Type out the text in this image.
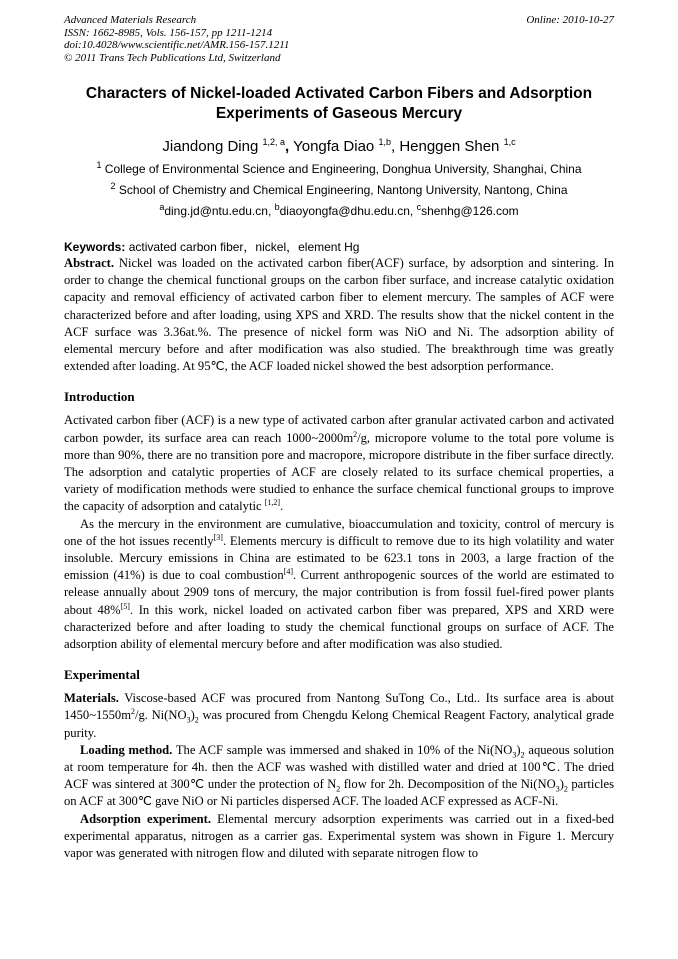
Advanced Materials Research
ISSN: 1662-8985, Vols. 156-157, pp 1211-1214
doi:10.4028/www.scientific.net/AMR.156-157.1211
© 2011 Trans Tech Publications Ltd, Switzerland
Online: 2010-10-27
Characters of Nickel-loaded Activated Carbon Fibers and Adsorption Experiments of Gaseous Mercury
Jiandong Ding $^{1,2, a}$, Yongfa Diao $^{1,b}$, Henggen Shen $^{1,c}$
$^1$ College of Environmental Science and Engineering, Donghua University, Shanghai, China
$^2$ School of Chemistry and Chemical Engineering, Nantong University, Nantong, China
$^a$ding.jd@ntu.edu.cn, $^b$diaoyongfa@dhu.edu.cn, $^c$shenhg@126.com
Keywords: activated carbon fiber，nickel，element Hg

Abstract. Nickel was loaded on the activated carbon fiber(ACF) surface, by adsorption and sintering. In order to change the chemical functional groups on the carbon fiber surface, and increase catalytic oxidation capacity and removal efficiency of activated carbon fiber to element mercury. The samples of ACF were characterized before and after loading, using XPS and XRD. The results show that the nickel content in the ACF surface was 3.36at.%. The presence of nickel form was NiO and Ni. The adsorption ability of elemental mercury before and after modification was also studied. The breakthrough time was greatly extended after loading. At 95℃, the ACF loaded nickel showed the best adsorption performance.

Introduction

Activated carbon fiber (ACF) is a new type of activated carbon after granular activated carbon and activated carbon powder, its surface area can reach $1000\sim 2000m^2/g$, micropore volume to the total pore volume is more than 90%, there are no transition pore and macropore, micropore distribute in the fiber surface directly. The adsorption and catalytic properties of ACF are closely related to its surface chemical properties, a variety of modification methods were studied to enhance the surface chemical functional groups to improve the capacity of adsorption and catalytic [1,2].

As the mercury in the environment are cumulative, bioaccumulation and toxicity, control of mercury is one of the hot issues recently[3]. Elements mercury is difficult to remove due to its high volatility and water insoluble. Mercury emissions in China are estimated to be 623.1 tons in 2003, a large fraction of the emission (41%) is due to coal combustion[4]. Current anthropogenic sources of the world are estimated to release annually about 2909 tons of mercury, the major contribution is from fossil fuel-fired power plants about 48%[5]. In this work, nickel loaded on activated carbon fiber was prepared, XPS and XRD were characterized before and after loading to study the chemical functional groups on surface of ACF. The adsorption ability of elemental mercury before and after modification was also studied.

Experimental

Materials. Viscose-based ACF was procured from Nantong SuTong Co., Ltd.. Its surface area is about $1450\sim 1550m^2/g$. $Ni(NO_3)_2$ was procured from Chengdu Kelong Chemical Reagent Factory, analytical grade purity.

Loading method. The ACF sample was immersed and shaked in 10% of the $Ni(NO_3)_2$ aqueous solution at room temperature for 4h. then the ACF was washed with distilled water and dried at 100℃. The dried ACF was sintered at 300℃ under the protection of $N_2$ flow for 2h. Decomposition of the $Ni(NO_3)_2$ particles on ACF at 300℃ gave NiO or Ni particles dispersed ACF. The loaded ACF expressed as ACF-Ni.

Adsorption experiment. Elemental mercury adsorption experiments was carried out in a fixed-bed experimental apparatus, nitrogen as a carrier gas. Experimental system was shown in Figure 1. Mercury vapor was generated with nitrogen flow and diluted with separate nitrogen flow to
